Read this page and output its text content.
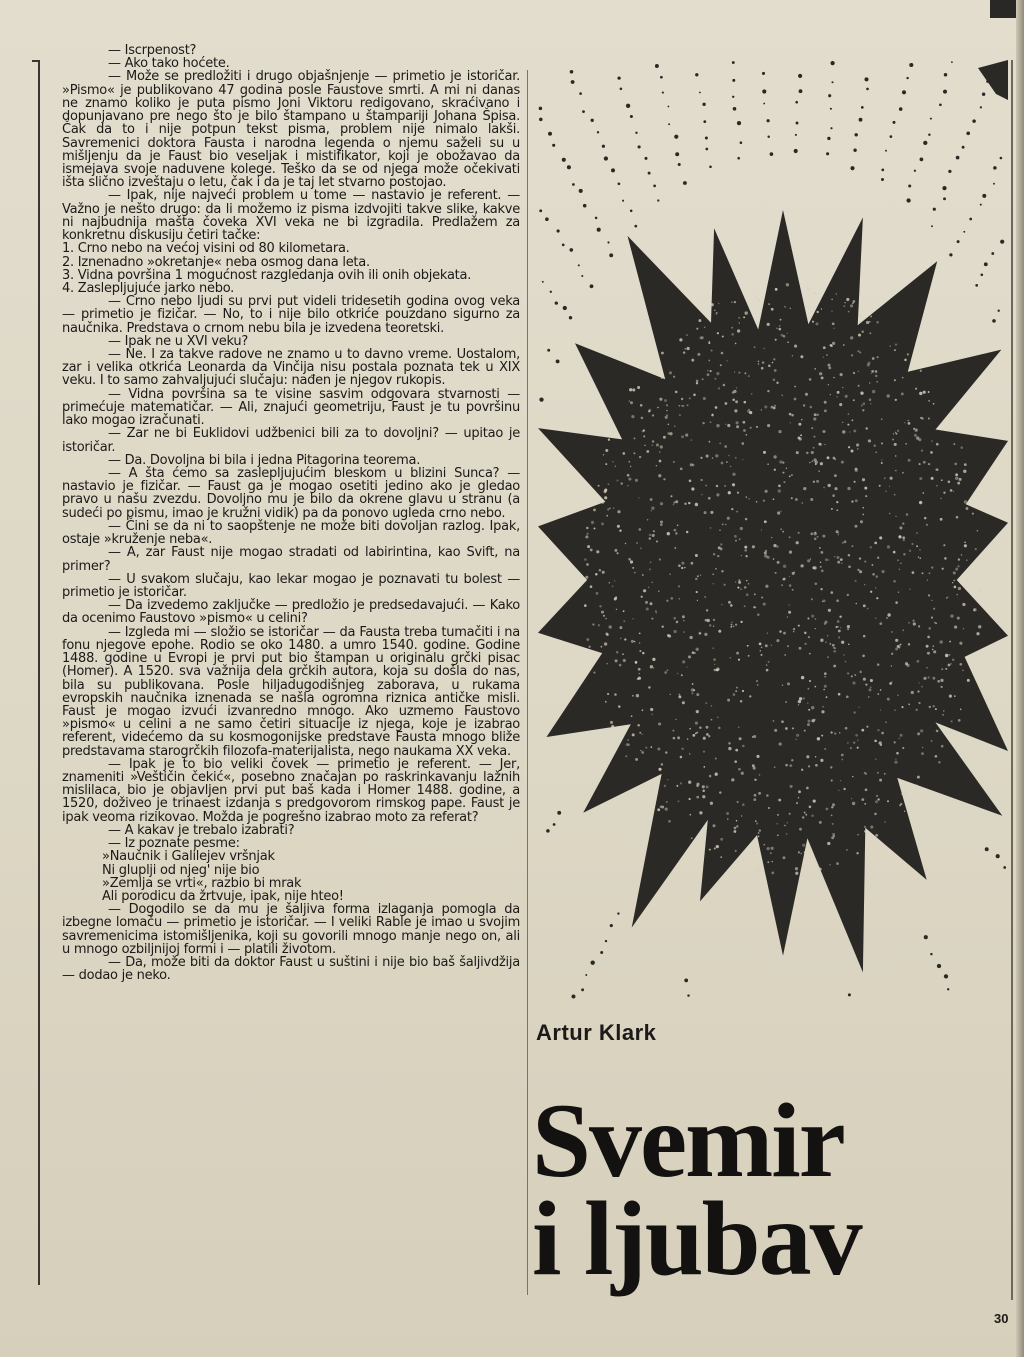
— Iscrpenost?

— Ako tako hoćete.

— Može se predložiti i drugo objašnjenje — primetio je istoričar. »Pismo« je publikovano 47 godina posle Faustove smrti. A mi ni danas ne znamo koliko je puta pismo Joni Viktoru redigovano, skraćivano i dopunjavano pre nego što je bilo štampano u štampariji Johana Špisa. Čak da to i nije potpun tekst pisma, problem nije nimalo lakši. Savremenici doktora Fausta i narodna legenda o njemu saželi su u mišljenju da je Faust bio veseljak i mistifikator, koji je obožavao da ismejava svoje naduvene kolege. Teško da se od njega može očekivati išta slično izveštaju o letu, čak i da je taj let stvarno postojao.

— Ipak, nije najveći problem u tome — nastavio je referent. — Važno je nešto drugo: da li možemo iz pisma izdvojiti takve slike, kakve ni najbudnija mašta čoveka XVI veka ne bi izgradila. Predlažem za konkretnu diskusiju četiri tačke:

1. Crno nebo na većoj visini od 80 kilometara.

2. Iznenadno »okretanje« neba osmog dana leta.

3. Vidna površina 1 mogućnost razgledanja ovih ili onih objekata.

4. Zaslepljujuće jarko nebo.

— Crno nebo ljudi su prvi put videli tridesetih godina ovog veka — primetio je fizičar. — No, to i nije bilo otkriće pouzdano sigurno za naučnika. Predstava o crnom nebu bila je izvedena teoretski.

— Ipak ne u XVI veku?

— Ne. I za takve radove ne znamo u to davno vreme. Uostalom, zar i velika otkrića Leonarda da Vinčija nisu postala poznata tek u XIX veku. I to samo zahvaljujući slučaju: nađen je njegov rukopis.

— Vidna površina sa te visine sasvim odgovara stvarnosti — primećuje matematičar. — Ali, znajući geometriju, Faust je tu površinu lako mogao izračunati.

— Zar ne bi Euklidovi udžbenici bili za to dovoljni? — upitao je istoričar.

— Da. Dovoljna bi bila i jedna Pitagorina teorema.

— A šta ćemo sa zaslepljujućim bleskom u blizini Sunca? — nastavio je fizičar. — Faust ga je mogao osetiti jedino ako je gledao pravo u našu zvezdu. Dovoljno mu je bilo da okrene glavu u stranu (a sudeći po pismu, imao je kružni vidik) pa da ponovo ugleda crno nebo.

— Čini se da ni to saopštenje ne može biti dovoljan razlog. Ipak, ostaje »kruženje neba«.

— A, zar Faust nije mogao stradati od labirintina, kao Svift, na primer?

— U svakom slučaju, kao lekar mogao je poznavati tu bolest — primetio je istoričar.

— Da izvedemo zaključke — predložio je predsedavajući. — Kako da ocenimo Faustovo »pismo« u celini?

— Izgleda mi — složio se istoričar — da Fausta treba tumačiti i na fonu njegove epohe. Rodio se oko 1480. a umro 1540. godine. Godine 1488. godine u Evropi je prvi put bio štampan u originalu grčki pisac (Homer). A 1520. sva važnija dela grčkih autora, koja su došla do nas, bila su publikovana. Posle hiljadugodišnjeg zaborava, u rukama evropskih naučnika iznenada se našla ogromna riznica antičke misli. Faust je mogao izvući izvanredno mnogo. Ako uzmemo Faustovo »pismo« u celini a ne samo četiri situacije iz njega, koje je izabrao referent, videćemo da su kosmogonijske predstave Fausta mnogo bliže predstavama starogrčkih filozofa-materijalista, nego naukama XX veka.

— Ipak je to bio veliki čovek — primetio je referent. — Jer, znameniti »Veštičin čekić«, posebno značajan po raskrinkavanju lažnih mislilaca, bio je objavljen prvi put baš kada i Homer 1488. godine, a 1520, doživeo je trinaest izdanja s predgovorom rimskog pape. Faust je ipak veoma rizikovao. Možda je pogrešno izabrao moto za referat?

— A kakav je trebalo izabrati?

— Iz poznate pesme:

»Naučnik i Galilejev vršnjak

Ni gluplji od njeg' nije bio

»Zemlja se vrti«, razbio bi mrak

Ali porodicu da žrtvuje, ipak, nije hteo!

— Dogodilo se da mu je šaljiva forma izlaganja pomogla da izbegne lomaču — primetio je istoričar. — I veliki Rable je imao u svojim savremenicima istomišljenika, koji su govorili mnogo manje nego on, ali u mnogo ozbiljnijoj formi i — platili životom.

— Da, može biti da doktor Faust u suštini i nije bio baš šaljivdžija — dodao je neko.

Artur Klark
Svemir
i ljubav
30
